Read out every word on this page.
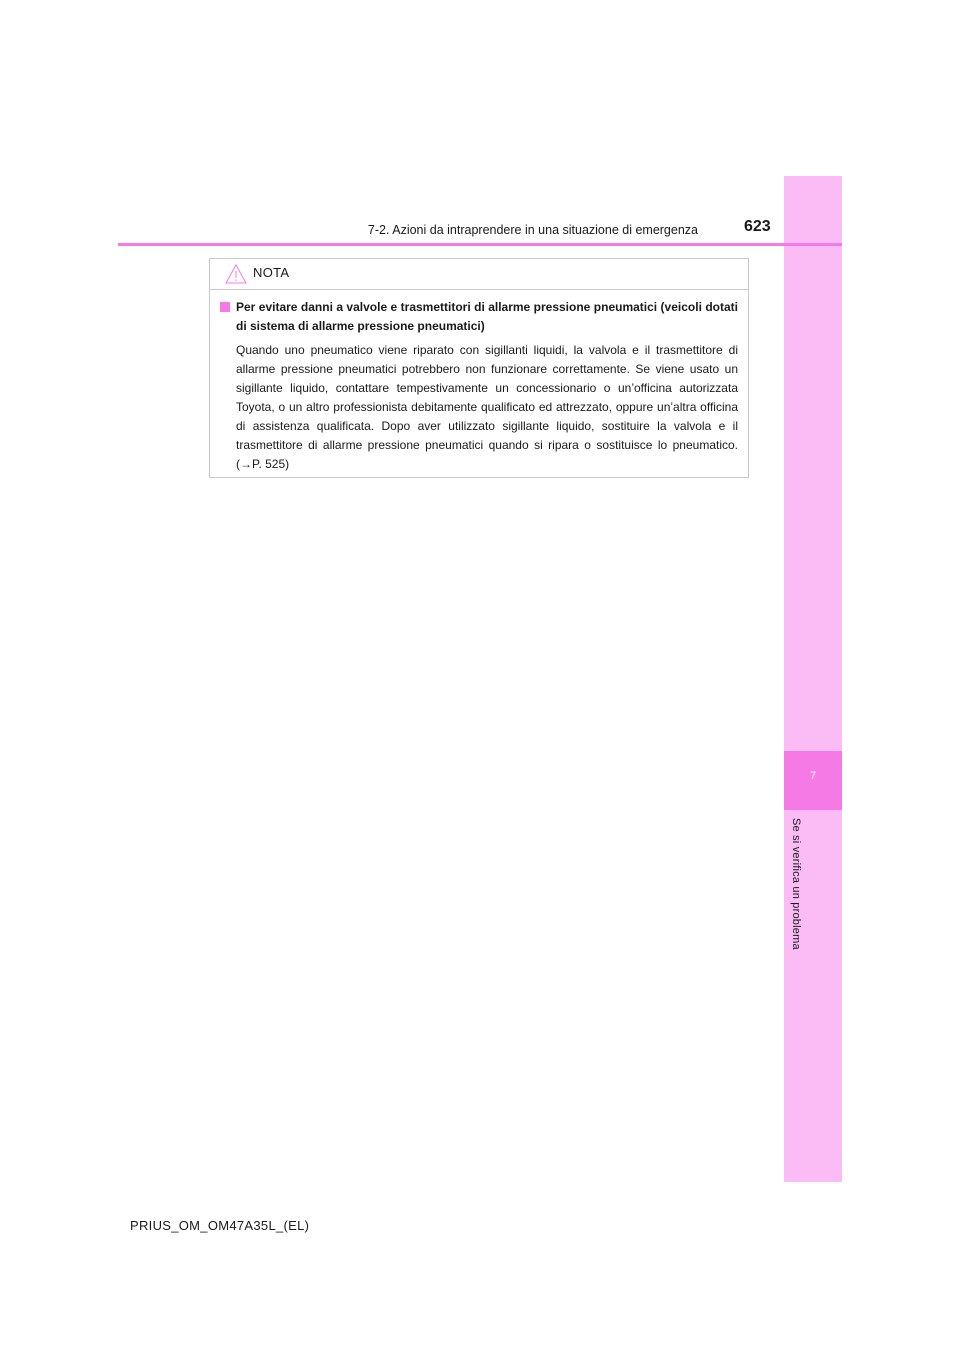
7
Se si verifica un problema
7-2. Azioni da intraprendere in una situazione di emergenza	623
NOTA
Per evitare danni a valvole e trasmettitori di allarme pressione pneumatici (veicoli dotati di sistema di allarme pressione pneumatici)
Quando uno pneumatico viene riparato con sigillanti liquidi, la valvola e il trasmettitore di allarme pressione pneumatici potrebbero non funzionare correttamente. Se viene usato un sigillante liquido, contattare tempestivamente un concessionario o un’officina autorizzata Toyota, o un altro professionista debitamente qualificato ed attrezzato, oppure un’altra officina di assistenza qualificata. Dopo aver utilizzato sigillante liquido, sostituire la valvola e il trasmettitore di allarme pressione pneumatici quando si ripara o sostituisce lo pneumatico. (→P. 525)
PRIUS_OM_OM47A35L_(EL)
